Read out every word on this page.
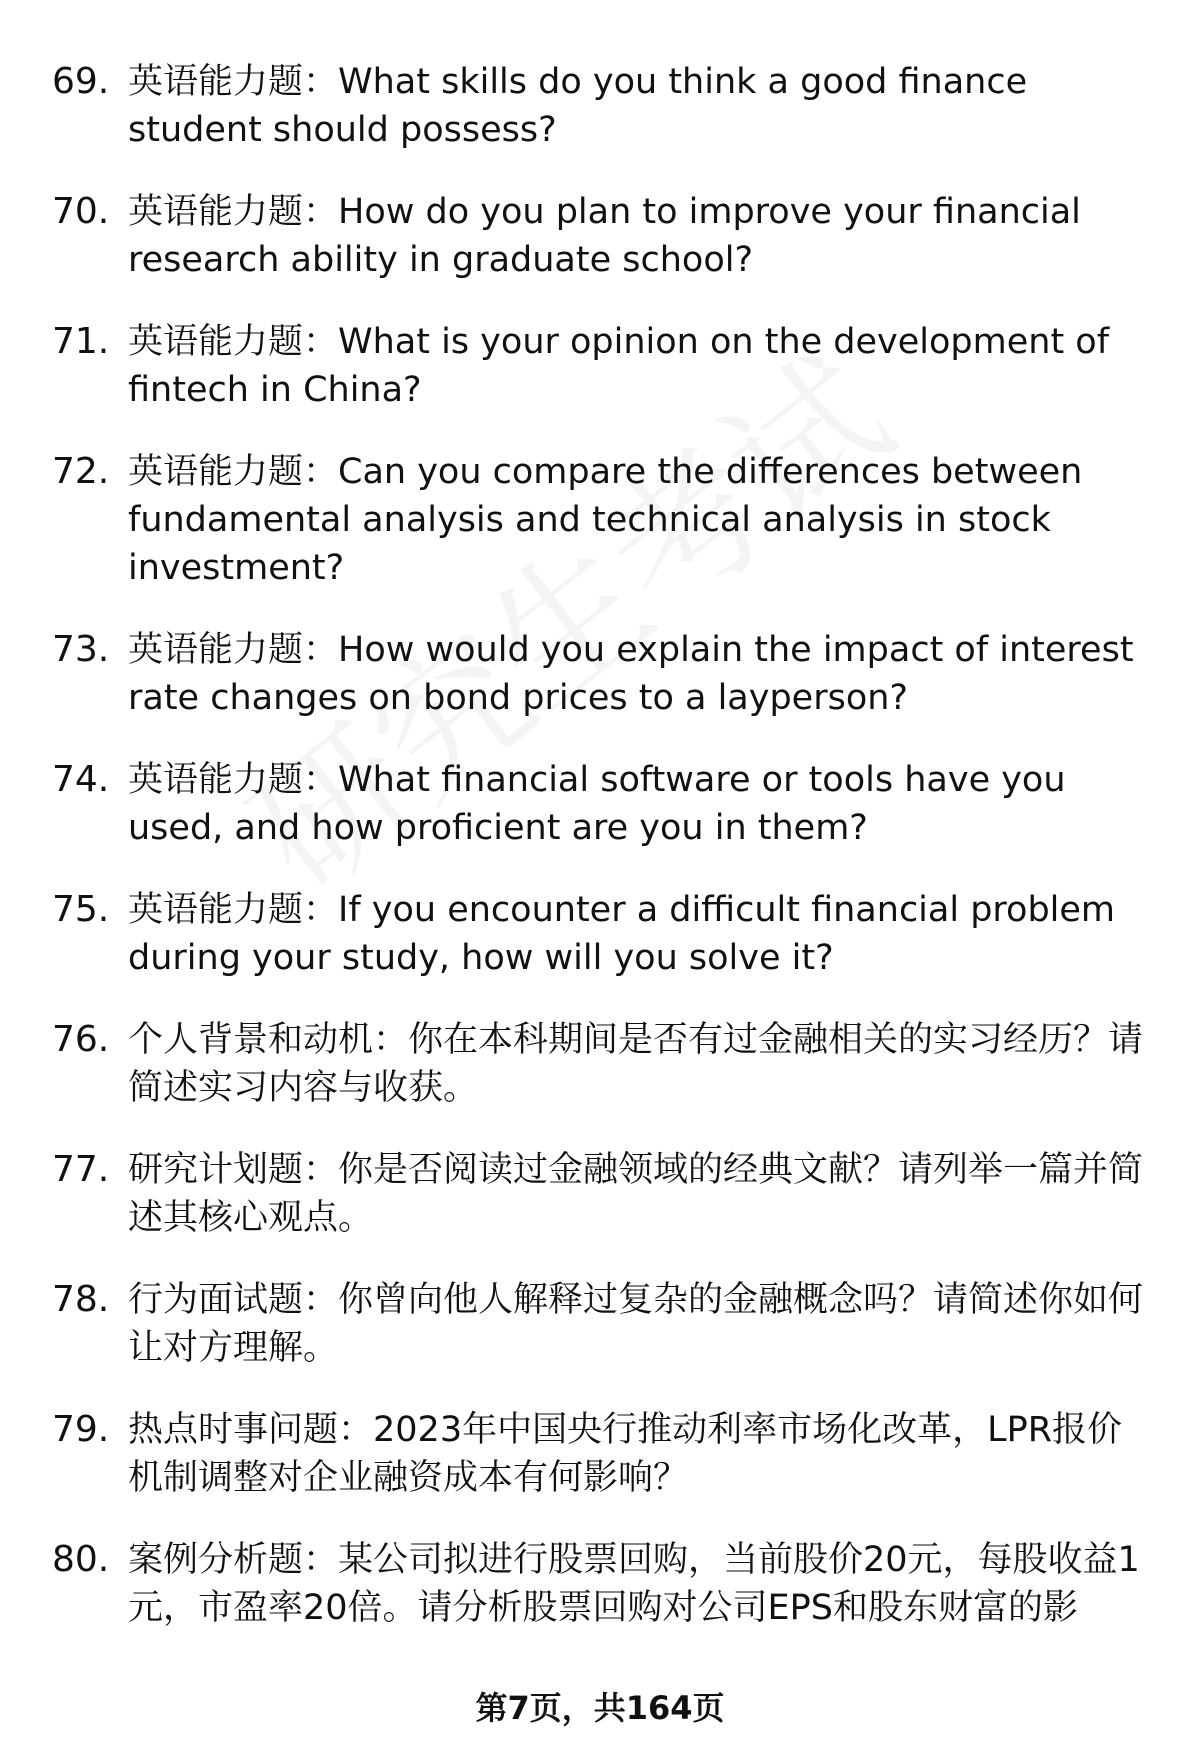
69. 英语能力题：What skills do you think a good finance student should possess?
70. 英语能力题：How do you plan to improve your financial research ability in graduate school?
71. 英语能力题：What is your opinion on the development of fintech in China?
72. 英语能力题：Can you compare the differences between fundamental analysis and technical analysis in stock investment?
73. 英语能力题：How would you explain the impact of interest rate changes on bond prices to a layperson?
74. 英语能力题：What financial software or tools have you used, and how proficient are you in them?
75. 英语能力题：If you encounter a difficult financial problem during your study, how will you solve it?
76. 个人背景和动机：你在本科期间是否有过金融相关的实习经历？请简述实习内容与收获。
77. 研究计划题：你是否阅读过金融领域的经典文献？请列举一篇并简述其核心观点。
78. 行为面试题：你曾向他人解释过复杂的金融概念吗？请简述你如何让对方理解。
79. 热点时事问题：2023年中国央行推动利率市场化改革，LPR报价机制调整对企业融资成本有何影响？
80. 案例分析题：某公司拟进行股票回购，当前股价20元，每股收益1元，市盈率20倍。请分析股票回购对公司EPS和股东财富的影
第7页，共164页
